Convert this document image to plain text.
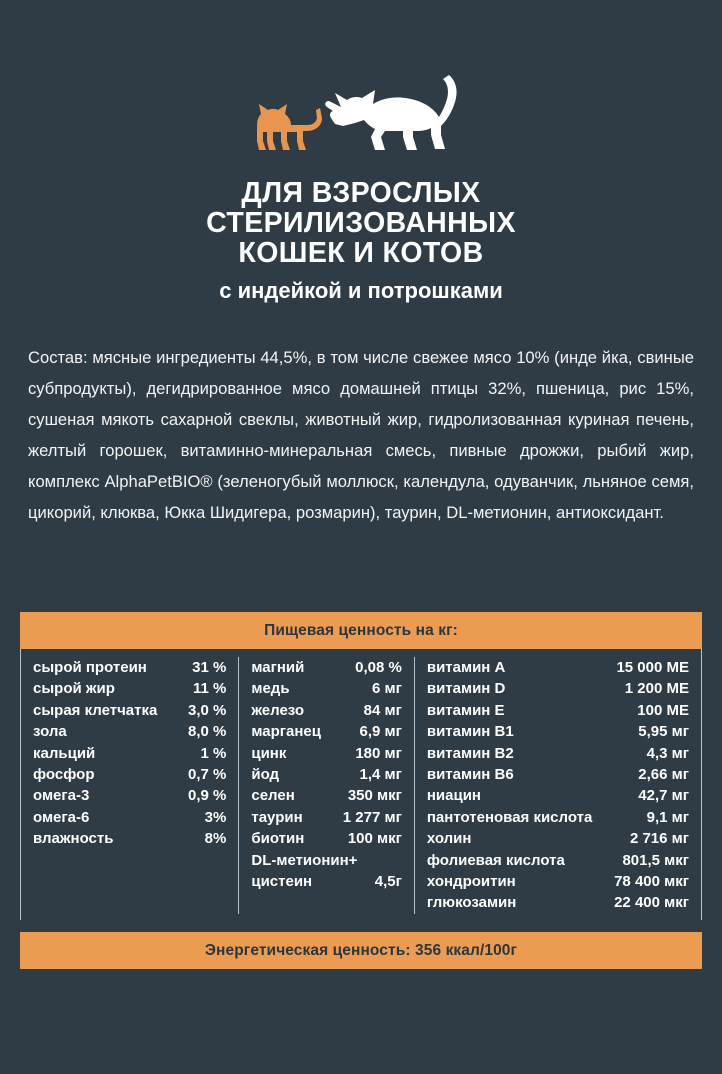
ДЛЯ ВЗРОСЛЫХ
СТЕРИЛИЗОВАННЫХ
КОШЕК И КОТОВ
с индейкой и потрошками

Состав: мясные ингредиенты 44,5%, в том числе свежее мясо 10% (инде йка, свиные субпродукты), дегидрированное мясо домашней птицы 32%, пшеница, рис 15%, сушеная мякоть сахарной свеклы, животный жир, гидролизованная куриная печень, желтый горошек, витаминно-минеральная смесь, пивные дрожжи, рыбий жир, комплекс AlphaPetBIO® (зеленогубый моллюск, календула, одуванчик, льняное семя, цикорий, клюква, Юкка Шидигера, розмарин), таурин, DL-метионин, антиоксидант.

Пищевая ценность на кг:
сырой протеин	31 %
сырой жир	11 %
сырая клетчатка	3,0 %
зола	8,0 %
кальций	1 %
фосфор	0,7 %
омега-3	0,9 %
омега-6	3%
влажность	8%
магний	0,08 %
медь	6 мг
железо	84 мг
марганец	6,9 мг
цинк	180 мг
йод	1,4 мг
селен	350 мкг
таурин	1 277 мг
биотин	100 мкг
DL-метионин+
цистеин	4,5г
витамин A	15 000 МЕ
витамин D	1 200 МЕ
витамин E	100 МЕ
витамин B1	5,95 мг
витамин B2	4,3 мг
витамин B6	2,66 мг
ниацин	42,7 мг
пантотеновая кислота	9,1 мг
холин	2 716 мг
фолиевая кислота	801,5 мкг
хондроитин	78 400 мкг
глюкозамин	22 400 мкг
Энергетическая ценность: 356 ккал/100г
